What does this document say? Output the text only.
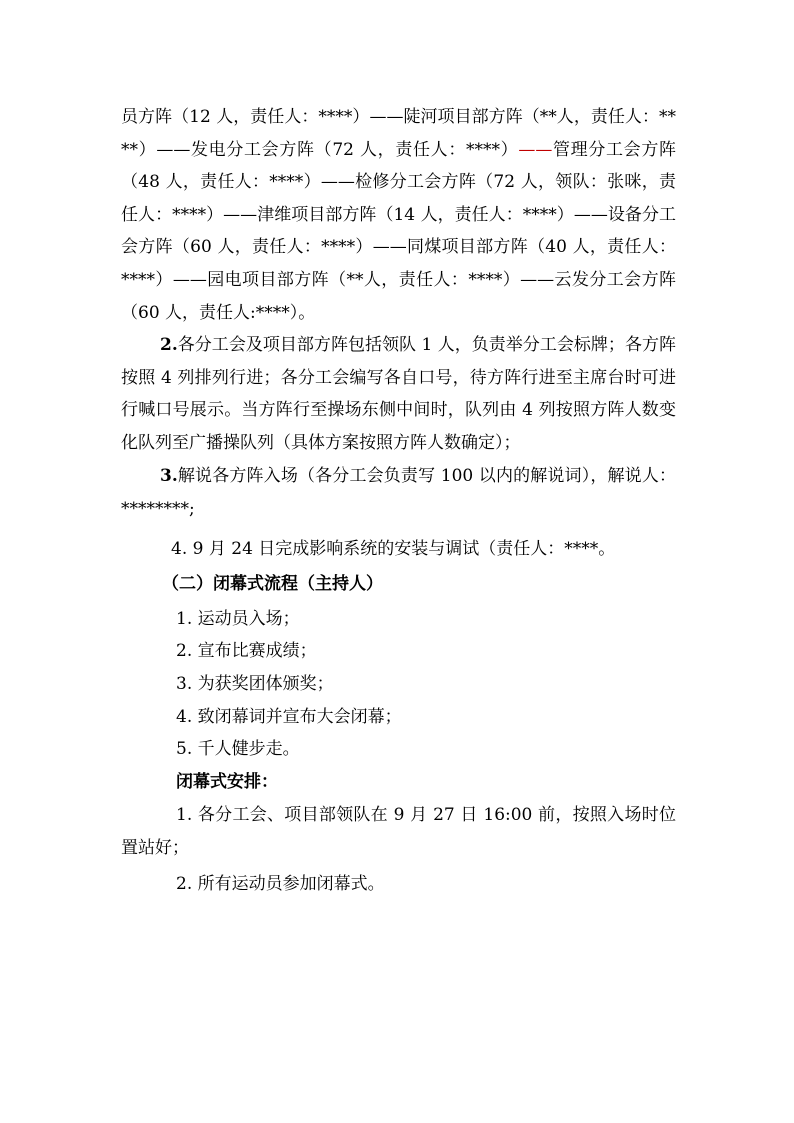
员方阵（12 人，责任人：****）——陡河项目部方阵（**人，责任人：****）——发电分工会方阵（72 人，责任人：****）——管理分工会方阵（48 人，责任人：****）——检修分工会方阵（72 人，领队：张咪，责任人：****）——津维项目部方阵（14 人，责任人：****）——设备分工会方阵（60 人，责任人：****）——同煤项目部方阵（40 人，责任人：****）——园电项目部方阵（**人，责任人：****）——云发分工会方阵（60 人，责任人:****）。

2.各分工会及项目部方阵包括领队 1 人，负责举分工会标牌；各方阵按照 4 列排列行进；各分工会编写各自口号，待方阵行进至主席台时可进行喊口号展示。当方阵行至操场东侧中间时，队列由 4 列按照方阵人数变化队列至广播操队列（具体方案按照方阵人数确定）；

3.解说各方阵入场（各分工会负责写 100 以内的解说词），解说人：********;

4. 9 月 24 日完成影响系统的安装与调试（责任人：****。

（二）闭幕式流程（主持人）

1. 运动员入场；

2. 宣布比赛成绩；

3. 为获奖团体颁奖；

4. 致闭幕词并宣布大会闭幕；

5. 千人健步走。

闭幕式安排：

1. 各分工会、项目部领队在 9 月 27 日 16:00 前，按照入场时位置站好；

2. 所有运动员参加闭幕式。
